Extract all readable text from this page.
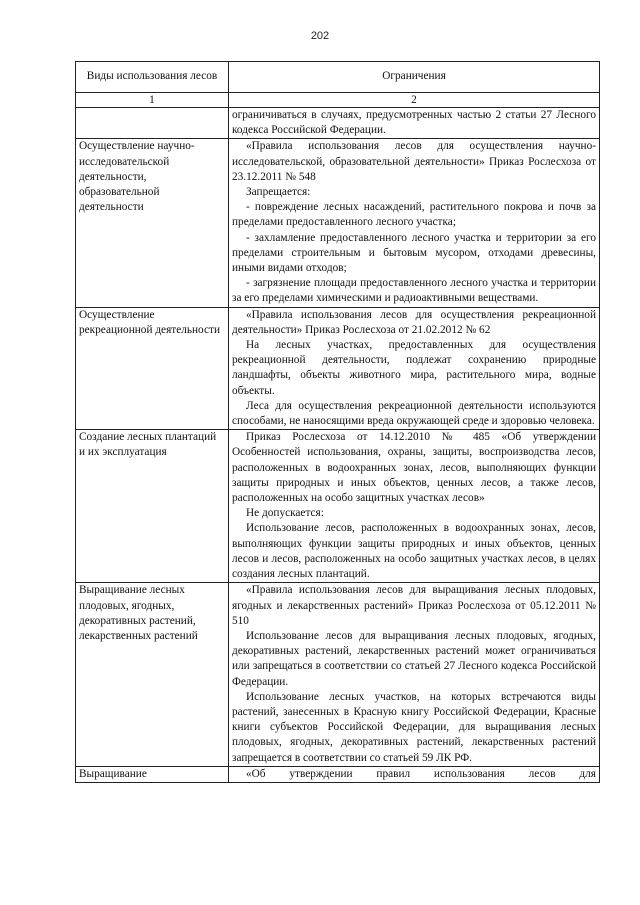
202
Виды использования лесов	Ограничения
1	2

	ограничиваться в случаях, предусмотренных частью 2 статьи 27 Лесного кодекса Российской Федерации.

Осуществление научно-исследовательской деятельности, образовательной деятельности	«Правила использования лесов для осуществления научно-исследовательской, образовательной деятельности» Приказ Рослесхоза от 23.12.2011 № 548

Запрещается:

- повреждение лесных насаждений, растительного покрова и почв за пределами предоставленного лесного участка;

- захламление предоставленного лесного участка и территории за его пределами строительным и бытовым мусором, отходами древесины, иными видами отходов;

- загрязнение площади предоставленного лесного участка и территории за его пределами химическими и радиоактивными веществами.

Осуществление рекреационной деятельности	«Правила использования лесов для осуществления рекреационной деятельности» Приказ Рослесхоза от 21.02.2012 № 62

На лесных участках, предоставленных для осуществления рекреационной деятельности, подлежат сохранению природные ландшафты, объекты животного мира, растительного мира, водные объекты.

Леса для осуществления рекреационной деятельности используются способами, не наносящими вреда окружающей среде и здоровью человека.

Создание лесных плантаций и их эксплуатация	Приказ Рослесхоза от 14.12.2010 № 485 «Об утверждении Особенностей использования, охраны, защиты, воспроизводства лесов, расположенных в водоохранных зонах, лесов, выполняющих функции защиты природных и иных объектов, ценных лесов, а также лесов, расположенных на особо защитных участках лесов»

Не допускается:

Использование лесов, расположенных в водоохранных зонах, лесов, выполняющих функции защиты природных и иных объектов, ценных лесов и лесов, расположенных на особо защитных участках лесов, в целях создания лесных плантаций.

Выращивание лесных плодовых, ягодных, декоративных растений, лекарственных растений	«Правила использования лесов для выращивания лесных плодовых, ягодных и лекарственных растений» Приказ Рослесхоза от 05.12.2011 № 510

Использование лесов для выращивания лесных плодовых, ягодных, декоративных растений, лекарственных растений может ограничиваться или запрещаться в соответствии со статьей 27 Лесного кодекса Российской Федерации.

Использование лесных участков, на которых встречаются виды растений, занесенных в Красную книгу Российской Федерации, Красные книги субъектов Российской Федерации, для выращивания лесных плодовых, ягодных, декоративных растений, лекарственных растений запрещается в соответствии со статьей 59 ЛК РФ.

Выращивание	«Об утверждении правил использования лесов для
